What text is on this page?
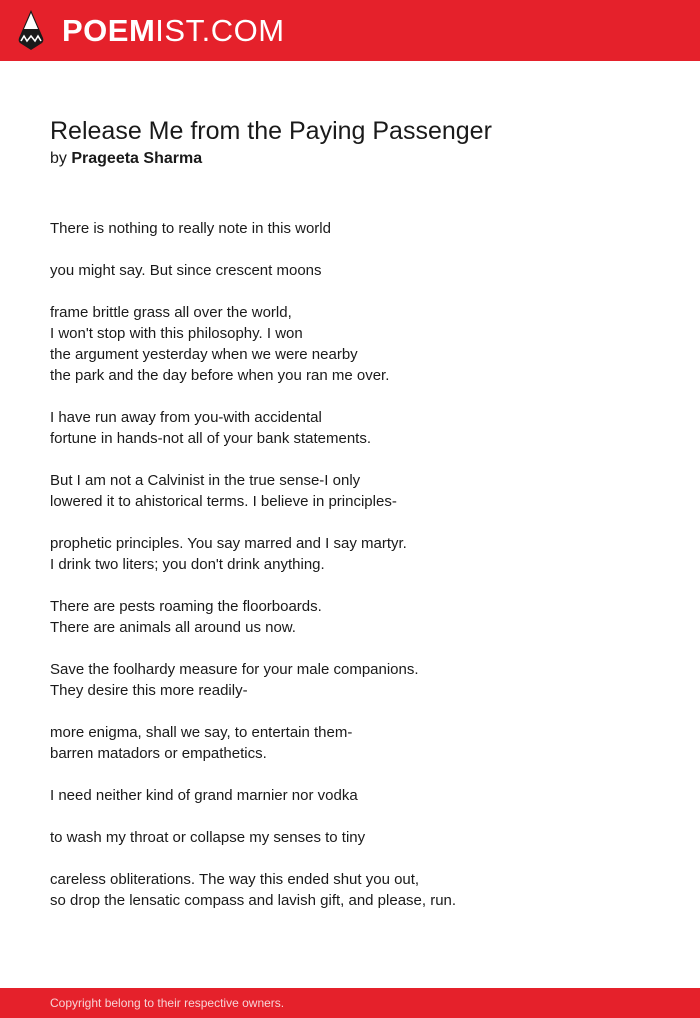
POEMIST.COM
Release Me from the Paying Passenger
by Prageeta Sharma

There is nothing to really note in this world

you might say. But since crescent moons

frame brittle grass all over the world,
I won't stop with this philosophy. I won
the argument yesterday when we were nearby
the park and the day before when you ran me over.

I have run away from you-with accidental
fortune in hands-not all of your bank statements.

But I am not a Calvinist in the true sense-I only
lowered it to ahistorical terms. I believe in principles-

prophetic principles. You say marred and I say martyr.
I drink two liters; you don't drink anything.

There are pests roaming the floorboards.
There are animals all around us now.

Save the foolhardy measure for your male companions.
They desire this more readily-

more enigma, shall we say, to entertain them-
barren matadors or empathetics.

I need neither kind of grand marnier nor vodka

to wash my throat or collapse my senses to tiny

careless obliterations. The way this ended shut you out,
so drop the lensatic compass and lavish gift, and please, run.

Copyright belong to their respective owners.
